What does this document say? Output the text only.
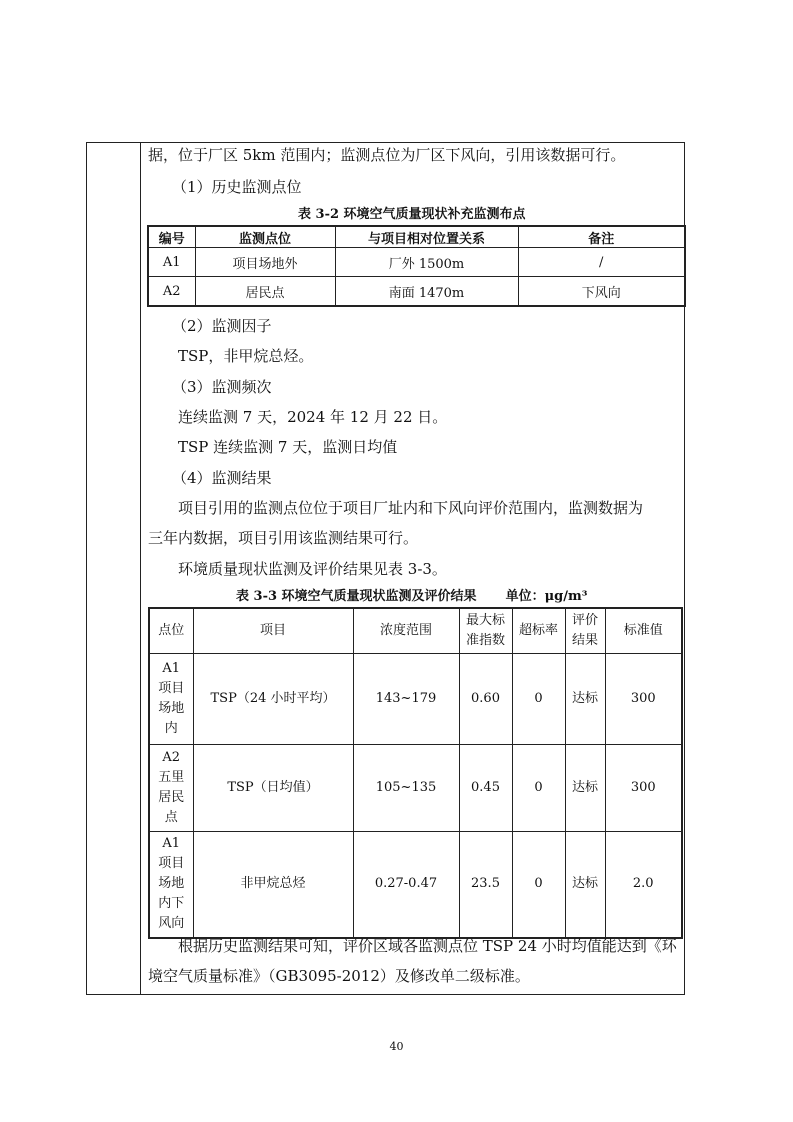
据，位于厂区 5km 范围内；监测点位为厂区下风向，引用该数据可行。
（1）历史监测点位
表 3-2 环境空气质量现状补充监测布点
编号	监测点位	与项目相对位置关系	备注
A1	项目场地外	厂外 1500m	/
A2	居民点	南面 1470m	下风向
（2）监测因子
TSP，非甲烷总烃。
（3）监测频次
连续监测 7 天，2024 年 12 月 22 日。
TSP 连续监测 7 天，监测日均值
（4）监测结果
项目引用的监测点位位于项目厂址内和下风向评价范围内，监测数据为
三年内数据，项目引用该监测结果可行。
环境质量现状监测及评价结果见表 3-3。
表 3-3 环境空气质量现状监测及评价结果 单位：μg/m³
点位	项目	浓度范围	最大标准指数	超标率	评价结果	标准值
A1项目场地内	TSP（24 小时平均）	143~179	0.60	0	达标	300
A2五里居民点	TSP（日均值）	105~135	0.45	0	达标	300
A1项目场地内下风向	非甲烷总烃	0.27-0.47	23.5	0	达标	2.0
根据历史监测结果可知，评价区域各监测点位 TSP 24 小时均值能达到《环
境空气质量标准》（GB3095-2012）及修改单二级标准。
40
